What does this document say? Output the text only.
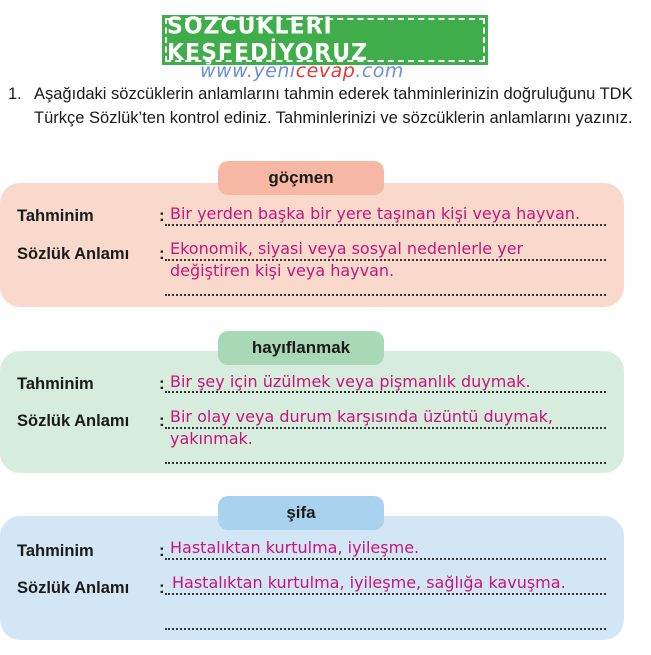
SÖZCÜKLERİ KEŞFEDİYORUZ
www.yenicevap.com
1. Aşağıdaki sözcüklerin anlamlarını tahmin ederek tahminlerinizin doğruluğunu TDK Türkçe Sözlük’ten kontrol ediniz. Tahminlerinizi ve sözcüklerin anlamlarını yazınız.
göçmen
Tahminim	: Bir yerden başka bir yere taşınan kişi veya hayvan.
Sözlük Anlamı : Ekonomik, siyasi veya sosyal nedenlerle yer
değiştiren kişi veya hayvan.
hayıflanmak
Tahminim	: Bir şey için üzülmek veya pişmanlık duymak.
Sözlük Anlamı : Bir olay veya durum karşısında üzüntü duymak,
yakınmak.
şifa
Tahminim	: Hastalıktan kurtulma, iyileşme.
Sözlük Anlamı : Hastalıktan kurtulma, iyileşme, sağlığa kavuşma.
